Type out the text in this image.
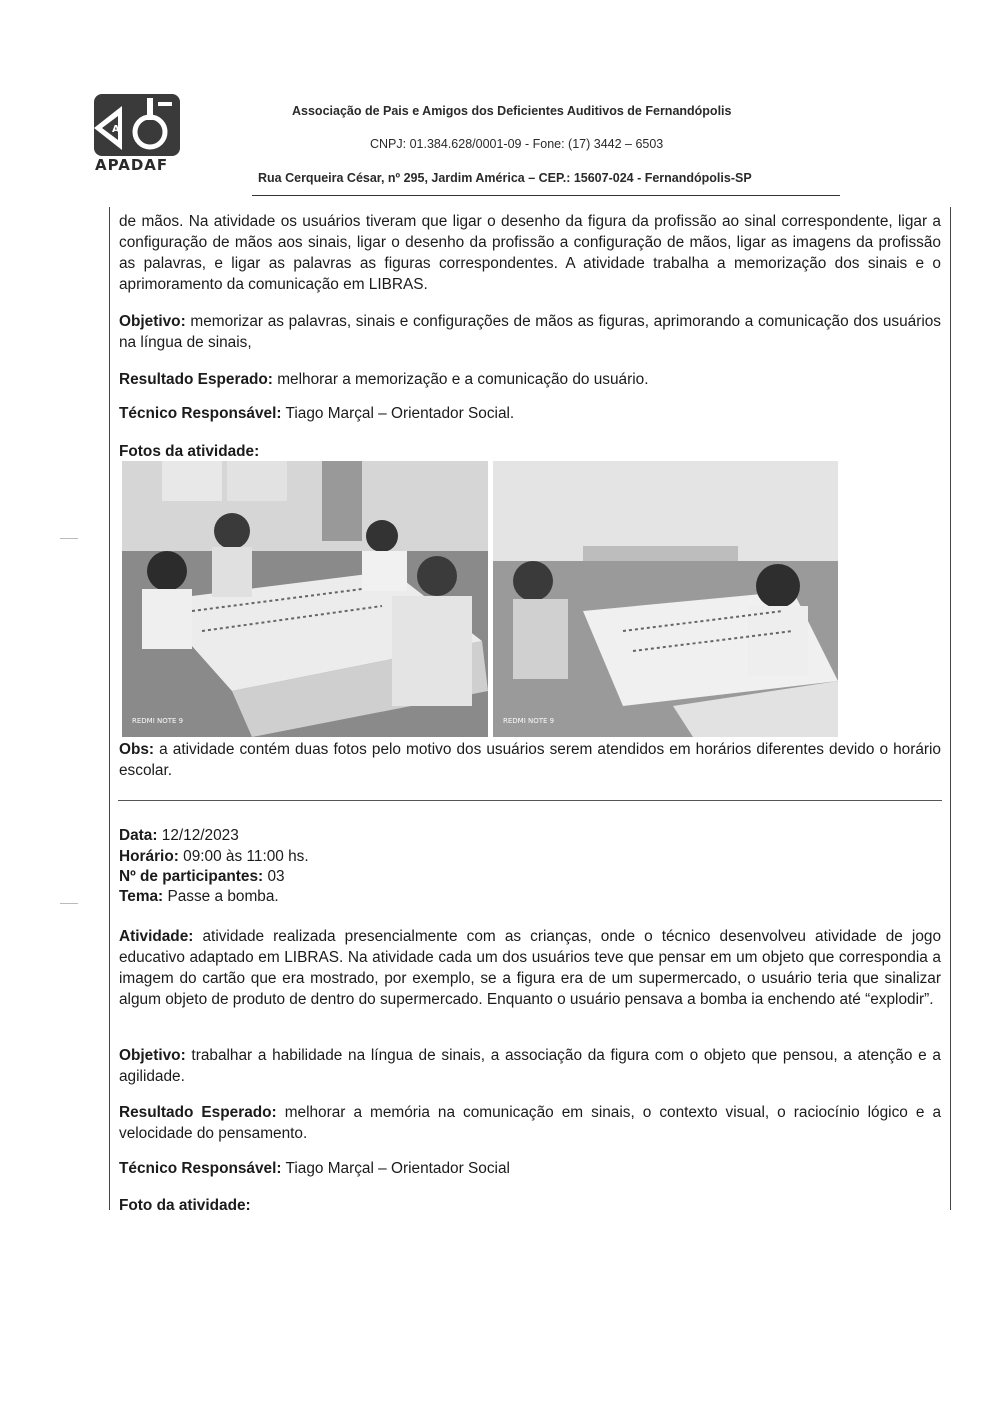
A
APADAF
Associação de Pais e Amigos dos Deficientes Auditivos de Fernandópolis
CNPJ: 01.384.628/0001-09 - Fone: (17) 3442 – 6503
Rua Cerqueira César, nº 295, Jardim América – CEP.: 15607-024 - Fernandópolis-SP

de mãos. Na atividade os usuários tiveram que ligar o desenho da figura da profissão ao sinal correspondente, ligar a configuração de mãos aos sinais, ligar o desenho da profissão a configuração de mãos, ligar as imagens da profissão as palavras, e ligar as palavras as figuras correspondentes. A atividade trabalha a memorização dos sinais e o aprimoramento da comunicação em LIBRAS.

Objetivo: memorizar as palavras, sinais e configurações de mãos as figuras, aprimorando a comunicação dos usuários na língua de sinais,

Resultado Esperado: melhorar a memorização e a comunicação do usuário.

Técnico Responsável: Tiago Marçal – Orientador Social.

Fotos da atividade:

REDMI NOTE 9	REDMI NOTE 9

Obs: a atividade contém duas fotos pelo motivo dos usuários serem atendidos em horários diferentes devido o horário escolar.

Data: 12/12/2023
Horário: 09:00 às 11:00 hs.
Nº de participantes: 03
Tema: Passe a bomba.

Atividade: atividade realizada presencialmente com as crianças, onde o técnico desenvolveu atividade de jogo educativo adaptado em LIBRAS. Na atividade cada um dos usuários teve que pensar em um objeto que correspondia a imagem do cartão que era mostrado, por exemplo, se a figura era de um supermercado, o usuário teria que sinalizar algum objeto de produto de dentro do supermercado. Enquanto o usuário pensava a bomba ia enchendo até “explodir”.

Objetivo: trabalhar a habilidade na língua de sinais, a associação da figura com o objeto que pensou, a atenção e a agilidade.

Resultado Esperado: melhorar a memória na comunicação em sinais, o contexto visual, o raciocínio lógico e a velocidade do pensamento.

Técnico Responsável: Tiago Marçal – Orientador Social

Foto da atividade:
